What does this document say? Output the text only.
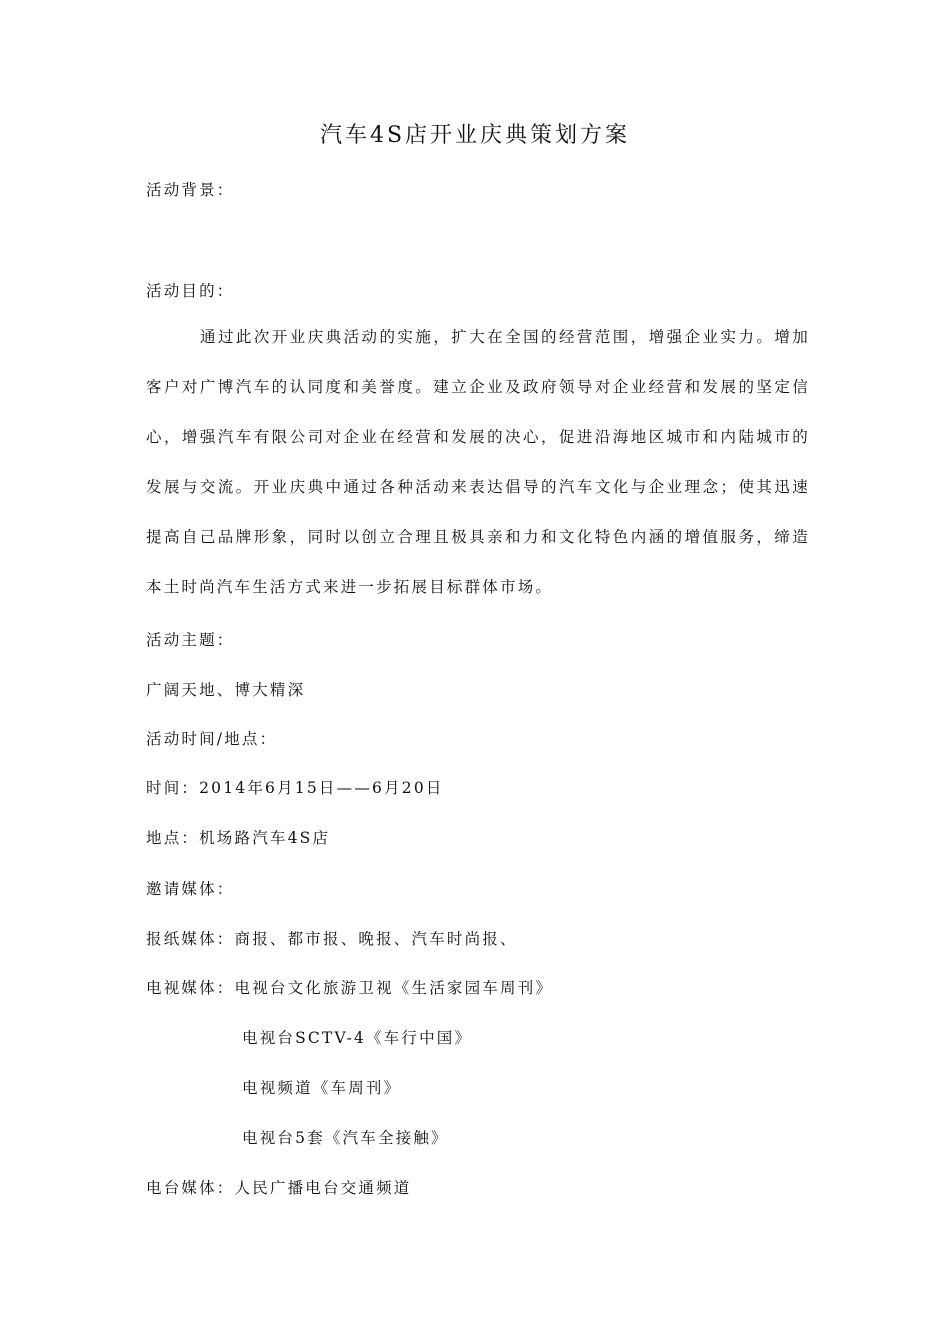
汽车4S店开业庆典策划方案
活动背景：
活动目的：
通过此次开业庆典活动的实施，扩大在全国的经营范围，增强企业实力。增加客户对广博汽车的认同度和美誉度。建立企业及政府领导对企业经营和发展的坚定信心，增强汽车有限公司对企业在经营和发展的决心，促进沿海地区城市和内陆城市的发展与交流。开业庆典中通过各种活动来表达倡导的汽车文化与企业理念；使其迅速提高自己品牌形象，同时以创立合理且极具亲和力和文化特色内涵的增值服务，缔造本土时尚汽车生活方式来进一步拓展目标群体市场。
活动主题：
广阔天地、博大精深
活动时间/地点：
时间：2014年6月15日——6月20日
地点：机场路汽车4S店
邀请媒体：
报纸媒体：商报、都市报、晚报、汽车时尚报、
电视媒体：电视台文化旅游卫视《生活家园车周刊》
电视台SCTV-4《车行中国》
电视频道《车周刊》
电视台5套《汽车全接触》
电台媒体：人民广播电台交通频道
